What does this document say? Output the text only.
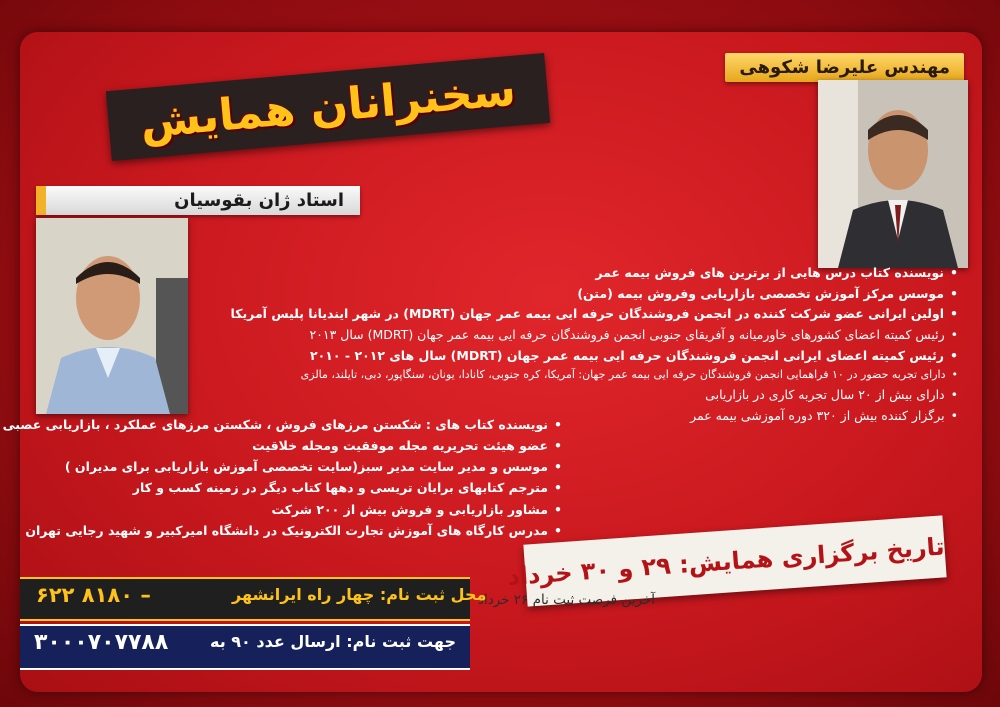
سخنرانان همایش	مهندس علیرضا شکوهی
• نویسنده کتاب درس هایی از برترین های فروش بیمه عمر
• موسس مرکز آموزش تخصصی بازاریابی وفروش بیمه (متن)
• اولین ایرانی عضو شرکت کننده در انجمن فروشندگان حرفه ایی بیمه عمر جهان (MDRT) در شهر ایندیانا پلیس آمریکا
• رئیس کمیته اعضای کشورهای خاورمیانه و آفریقای جنوبی انجمن فروشندگان حرفه ایی بیمه عمر جهان (MDRT) سال ۲۰۱۳
• رئیس کمیته اعضای ایرانی انجمن فروشندگان حرفه ایی بیمه عمر جهان (MDRT) سال های ۲۰۱۲ - ۲۰۱۰
• دارای تجربه حضور در ۱۰ فراهمایی انجمن فروشندگان حرفه ایی بیمه عمر جهان: آمریکا، کره جنوبی، کانادا، یونان، سنگاپور، دبی، تایلند، مالزی
• دارای بیش از ۲۰ سال تجربه کاری در بازاریابی
• برگزار کننده بیش از ۳۲۰ دوره آموزشی بیمه عمر
استاد ژان بقوسیان
• نویسنده کتاب های : شکستن مرزهای فروش ، شکستن مرزهای عملکرد ، بازاریابی عصبی
• عضو هیئت تحریریه مجله موفقیت ومجله خلاقیت
• موسس و مدیر سایت مدیر سبز(سایت تخصصی آموزش بازاریابی برای مدیران )
• مترجم کتابهای برایان تریسی و دهها کتاب دیگر در زمینه کسب و کار
• مشاور بازاریابی و فروش بیش از ۲۰۰ شرکت
• مدرس کارگاه های آموزش تجارت الکترونیک در دانشگاه امیرکبیر و شهید رجایی تهران
تاریخ برگزاری همایش: ۲۹ و ۳۰ خرداد
آخرین فرصت ثبت نام ۲۶ خرداد
محل ثبت نام: چهار راه ایرانشهر
۶۲۲ ۸۱۸۰ –
جهت ثبت نام: ارسال عدد ۹۰ به
۳۰۰۰۷۰۷۷۸۸
